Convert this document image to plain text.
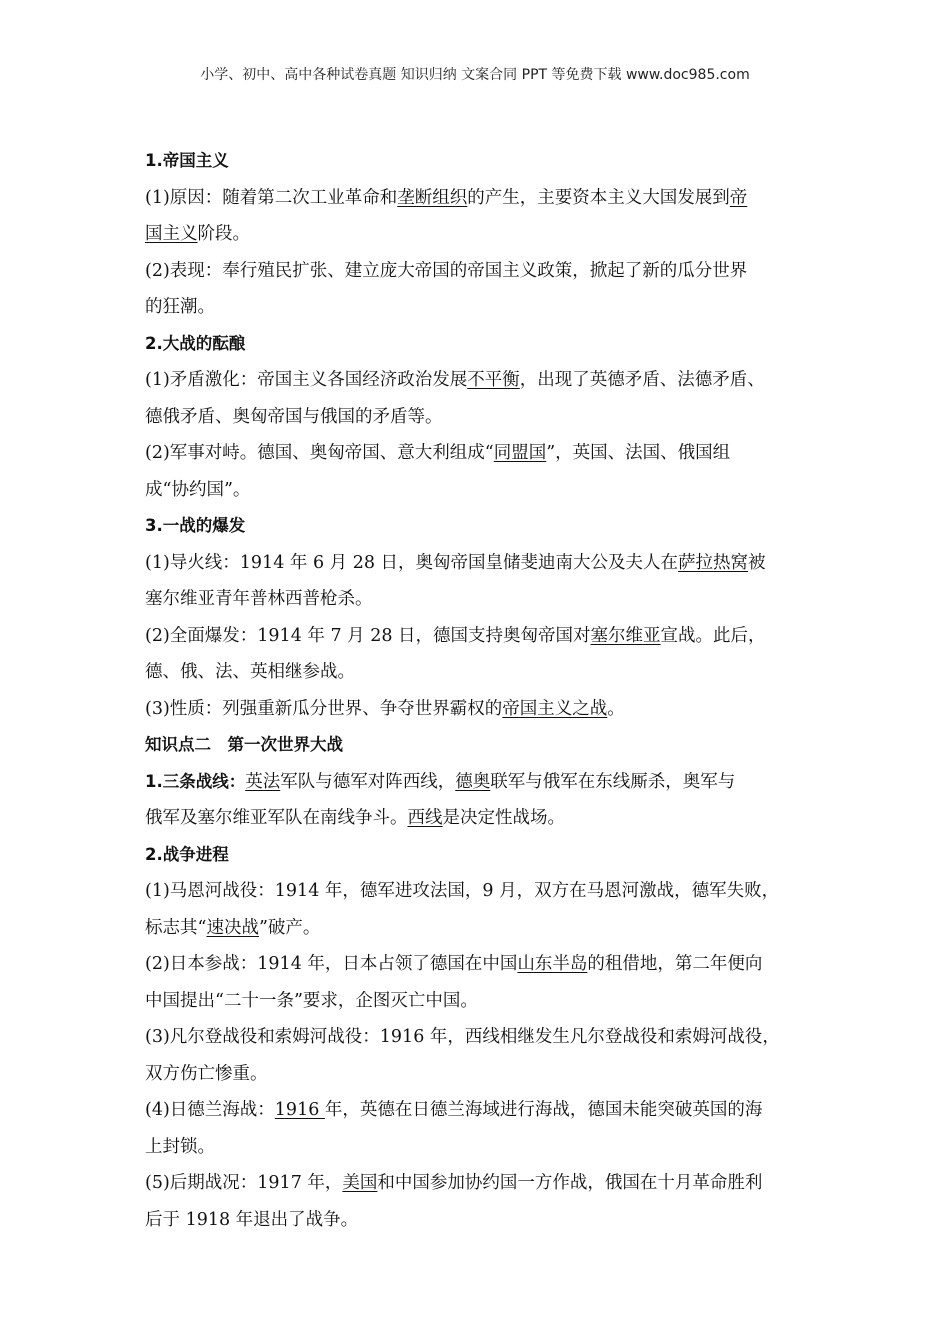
小学、初中、高中各种试卷真题 知识归纳 文案合同 PPT 等免费下载 www.doc985.com
1.帝国主义
(1)原因：随着第二次工业革命和垄断组织的产生，主要资本主义大国发展到帝
国主义阶段。
(2)表现：奉行殖民扩张、建立庞大帝国的帝国主义政策，掀起了新的瓜分世界
的狂潮。
2.大战的酝酿
(1)矛盾激化：帝国主义各国经济政治发展不平衡，出现了英德矛盾、法德矛盾、
德俄矛盾、奥匈帝国与俄国的矛盾等。
(2)军事对峙。德国、奥匈帝国、意大利组成“同盟国”，英国、法国、俄国组
成“协约国”。
3.一战的爆发
(1)导火线：1914 年 6 月 28 日，奥匈帝国皇储斐迪南大公及夫人在萨拉热窝被
塞尔维亚青年普林西普枪杀。
(2)全面爆发：1914 年 7 月 28 日，德国支持奥匈帝国对塞尔维亚宣战。此后，
德、俄、法、英相继参战。
(3)性质：列强重新瓜分世界、争夺世界霸权的帝国主义之战。
知识点二　第一次世界大战
1.三条战线：英法军队与德军对阵西线，德奥联军与俄军在东线厮杀，奥军与
俄军及塞尔维亚军队在南线争斗。西线是决定性战场。
2.战争进程
(1)马恩河战役：1914 年，德军进攻法国，9 月，双方在马恩河激战，德军失败，
标志其“速决战”破产。
(2)日本参战：1914 年，日本占领了德国在中国山东半岛的租借地，第二年便向
中国提出“二十一条”要求，企图灭亡中国。
(3)凡尔登战役和索姆河战役：1916 年，西线相继发生凡尔登战役和索姆河战役，
双方伤亡惨重。
(4)日德兰海战：1916 年，英德在日德兰海域进行海战，德国未能突破英国的海
上封锁。
(5)后期战况：1917 年，美国和中国参加协约国一方作战，俄国在十月革命胜利
后于 1918 年退出了战争。
